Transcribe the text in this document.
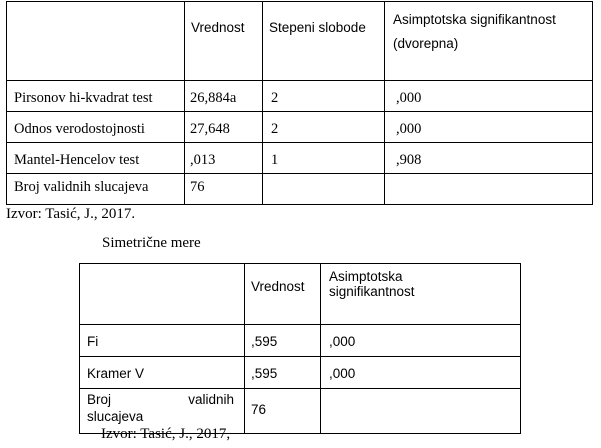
	Vrednost	Stepeni slobode	Asimptotska signifikantnost
(dvorepna)

Pirsonov hi-kvadrat test	26,884a	2	,000
Odnos verodostojnosti	27,648	2	,000
Mantel-Hencelov test	,013	1	,908
Broj validnih slucajeva	76		
Izvor: Tasić, J., 2017.
Simetrične mere
	Vrednost	Asimptotska
signifikantnost

Fi	,595	,000
Kramer V	,595	,000

Broj validnih
slucajeva	76	
Izvor: Tasić, J., 2017,
